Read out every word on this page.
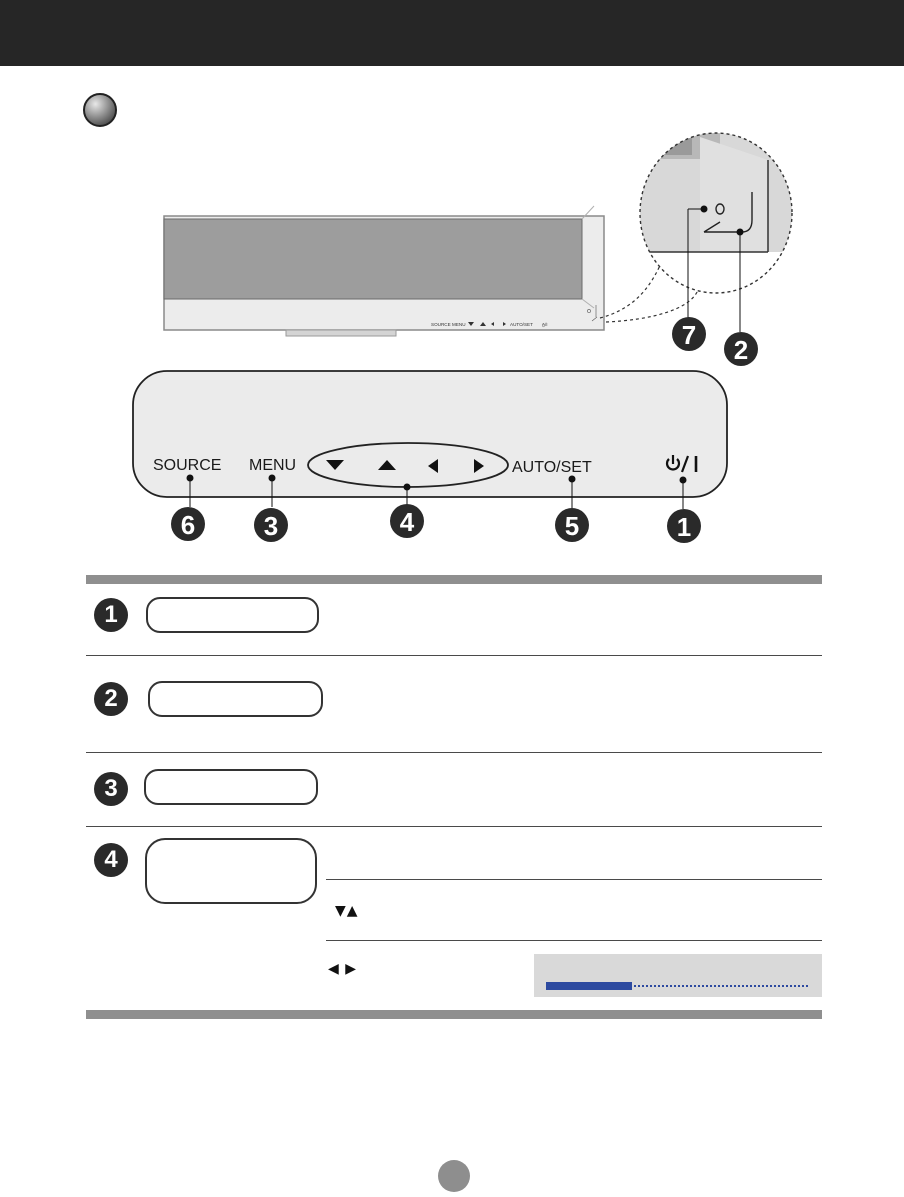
SOURCE MENU	AUTO/SET ტ/I	7 2
SOURCE MENU	AUTO/SET
6	3	4	5	1
1
2
3
4
▼▲
◀ ▶
